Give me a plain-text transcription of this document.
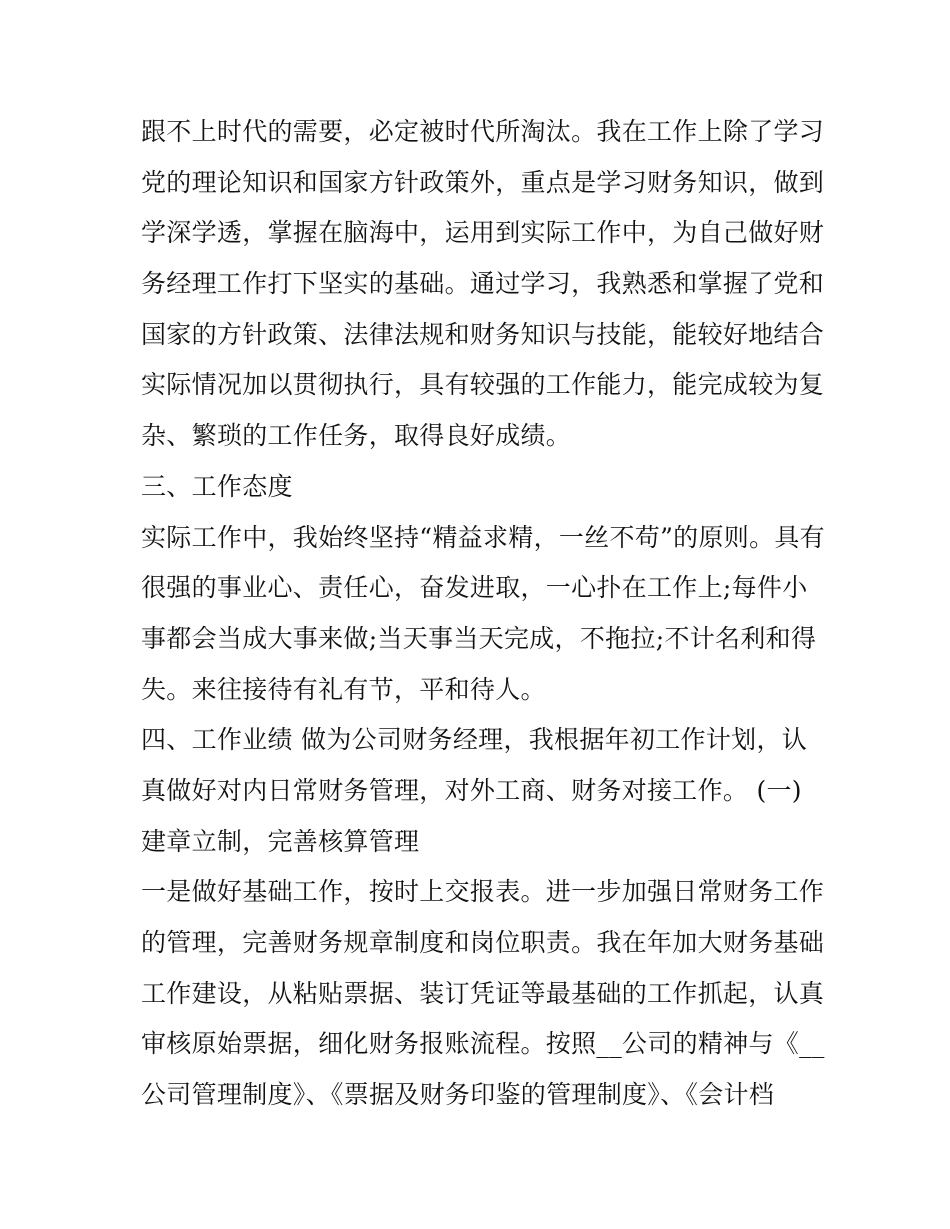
跟不上时代的需要，必定被时代所淘汰。我在工作上除了学习
党的理论知识和国家方针政策外，重点是学习财务知识，做到
学深学透，掌握在脑海中，运用到实际工作中，为自己做好财
务经理工作打下坚实的基础。通过学习，我熟悉和掌握了党和
国家的方针政策、法律法规和财务知识与技能，能较好地结合
实际情况加以贯彻执行，具有较强的工作能力，能完成较为复
杂、繁琐的工作任务，取得良好成绩。
三、工作态度
实际工作中，我始终坚持“精益求精，一丝不苟”的原则。具有
很强的事业心、责任心，奋发进取，一心扑在工作上;每件小
事都会当成大事来做;当天事当天完成，不拖拉;不计名利和得
失。来往接待有礼有节，平和待人。
四、工作业绩 做为公司财务经理，我根据年初工作计划，认
真做好对内日常财务管理，对外工商、财务对接工作。 (一)
建章立制，完善核算管理
一是做好基础工作，按时上交报表。进一步加强日常财务工作
的管理，完善财务规章制度和岗位职责。我在年加大财务基础
工作建设，从粘贴票据、装订凭证等最基础的工作抓起，认真
审核原始票据，细化财务报账流程。按照__公司的精神与《__
公司管理制度》、《票据及财务印鉴的管理制度》、《会计档
